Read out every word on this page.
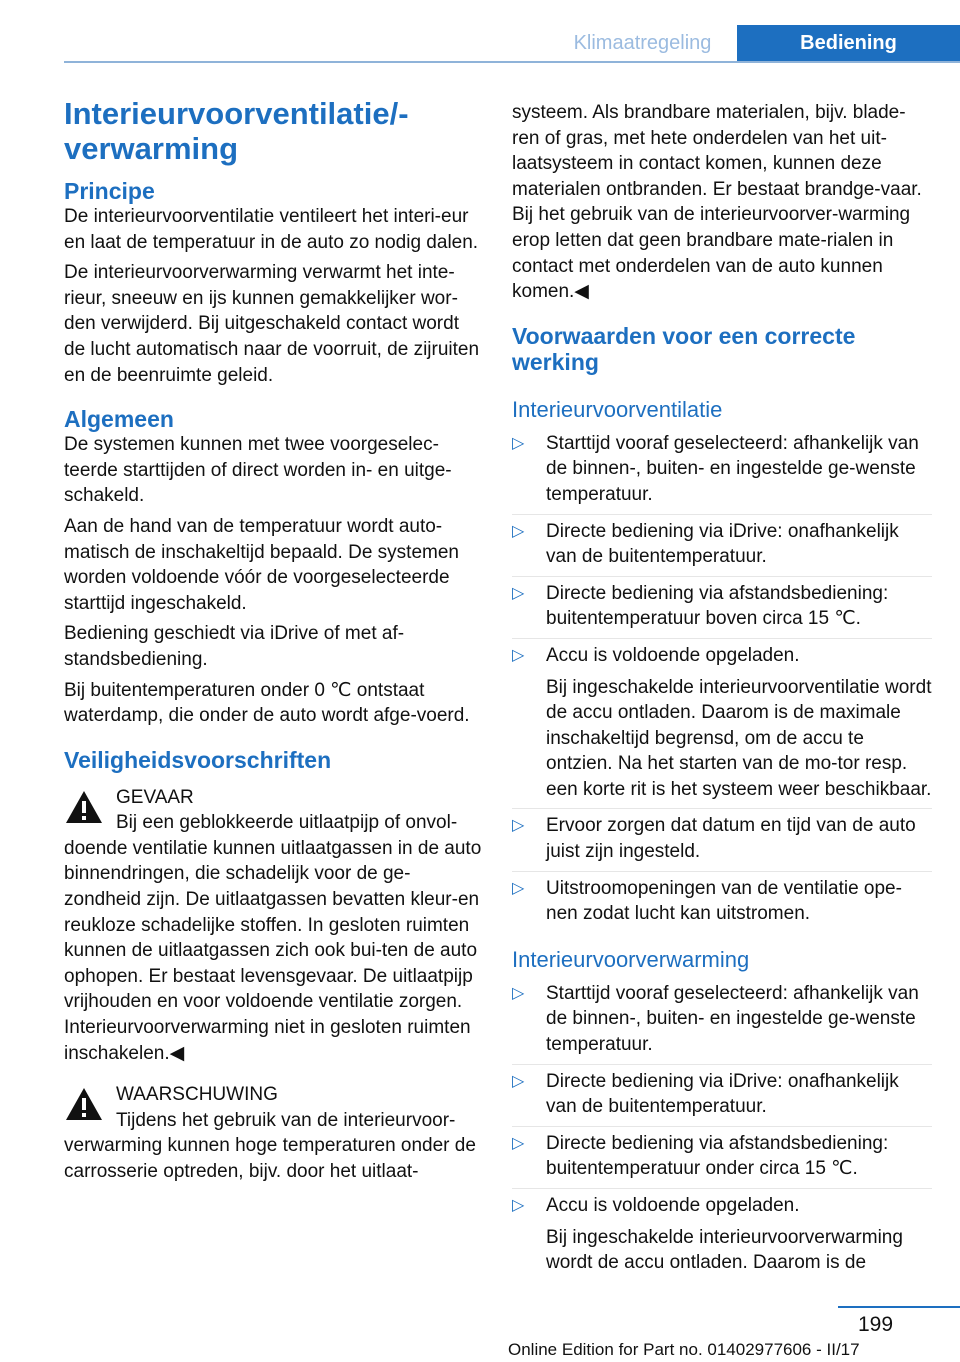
Klimaatregeling	Bediening
Interieurvoorventilatie/-verwarming
Principe

De interieurvoorventilatie ventileert het interi-eur en laat de temperatuur in de auto zo nodig dalen.

De interieurvoorverwarming verwarmt het inte-rieur, sneeuw en ijs kunnen gemakkelijker wor-den verwijderd. Bij uitgeschakeld contact wordt de lucht automatisch naar de voorruit, de zijruiten en de beenruimte geleid.

Algemeen

De systemen kunnen met twee voorgeselec-teerde starttijden of direct worden in- en uitge-schakeld.

Aan de hand van de temperatuur wordt auto-matisch de inschakeltijd bepaald. De systemen worden voldoende vóór de voorgeselecteerde starttijd ingeschakeld.

Bediening geschiedt via iDrive of met af-standsbediening.

Bij buitentemperaturen onder 0 ℃ ontstaat waterdamp, die onder de auto wordt afge-voerd.

Veiligheidsvoorschriften
GEVAAR
Bij een geblokkeerde uitlaatpijp of onvol-doende ventilatie kunnen uitlaatgassen in de auto binnendringen, die schadelijk voor de ge-zondheid zijn. De uitlaatgassen bevatten kleur-en reukloze schadelijke stoffen. In gesloten ruimten kunnen de uitlaatgassen zich ook bui-ten de auto ophopen. Er bestaat levensgevaar. De uitlaatpijp vrijhouden en voor voldoende ventilatie zorgen. Interieurvoorverwarming niet in gesloten ruimten inschakelen.◀
WAARSCHUWING
Tijdens het gebruik van de interieurvoor-verwarming kunnen hoge temperaturen onder de carrosserie optreden, bijv. door het uitlaat-

systeem. Als brandbare materialen, bijv. blade-ren of gras, met hete onderdelen van het uit-laatsysteem in contact komen, kunnen deze materialen ontbranden. Er bestaat brandge-vaar. Bij het gebruik van de interieurvoorver-warming erop letten dat geen brandbare mate-rialen in contact met onderdelen van de auto kunnen komen.◀

Voorwaarden voor een correcte werking
Interieurvoorventilatie
▷ Starttijd vooraf geselecteerd: afhankelijk van de binnen-, buiten- en ingestelde ge-wenste temperatuur.
▷ Directe bediening via iDrive: onafhankelijk van de buitentemperatuur.
▷ Directe bediening via afstandsbediening: buitentemperatuur boven circa 15 ℃.
▷ Accu is voldoende opgeladen.
Bij ingeschakelde interieurvoorventilatie wordt de accu ontladen. Daarom is de maximale inschakeltijd begrensd, om de accu te ontzien. Na het starten van de mo-tor resp. een korte rit is het systeem weer beschikbaar.
▷ Ervoor zorgen dat datum en tijd van de auto juist zijn ingesteld.
▷ Uitstroomopeningen van de ventilatie ope-nen zodat lucht kan uitstromen.
Interieurvoorverwarming
▷ Starttijd vooraf geselecteerd: afhankelijk van de binnen-, buiten- en ingestelde ge-wenste temperatuur.
▷ Directe bediening via iDrive: onafhankelijk van de buitentemperatuur.
▷ Directe bediening via afstandsbediening: buitentemperatuur onder circa 15 ℃.
▷ Accu is voldoende opgeladen.
Bij ingeschakelde interieurvoorverwarming wordt de accu ontladen. Daarom is de
199
Online Edition for Part no. 01402977606 - II/17
